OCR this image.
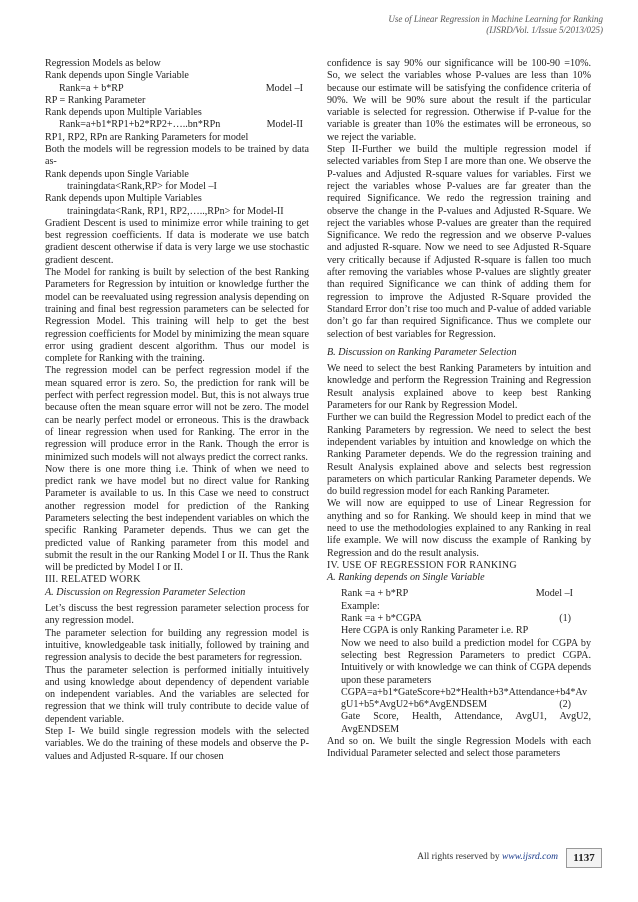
Use of Linear Regression in Machine Learning for Ranking
(IJSRD/Vol. 1/Issue 5/2013/025)

Regression Models as below

Rank depends upon Single Variable

Rank=a + b*RP	Model –I

RP = Ranking Parameter

Rank depends upon Multiple Variables

Rank=a+b1*RP1+b2*RP2+…..bn*RPn	Model-II

RP1, RP2, RPn are Ranking Parameters for model

Both the models will be regression models to be trained by data as-

Rank depends upon Single Variable

trainingdata<Rank,RP> for Model –I

Rank depends upon Multiple Variables

trainingdata<Rank, RP1, RP2,…..,RPn> for Model-II

Gradient Descent is used to minimize error while training to get best regression coefficients. If data is moderate we use batch gradient descent otherwise if data is very large we use stochastic gradient descent.

The Model for ranking is built by selection of the best Ranking Parameters for Regression by intuition or knowledge further the model can be reevaluated using regression analysis depending on training and final best regression parameters can be selected for Regression Model. This training will help to get the best regression coefficients for Model by minimizing the mean square error using gradient descent algorithm. Thus our model is complete for Ranking with the training.

The regression model can be perfect regression model if the mean squared error is zero. So, the prediction for rank will be perfect with perfect regression model. But, this is not always true because often the mean square error will not be zero. The model can be nearly perfect model or erroneous. This is the drawback of linear regression when used for Ranking. The error in the regression will produce error in the Rank. Though the error is minimized such models will not always predict the correct ranks.

Now there is one more thing i.e. Think of when we need to predict rank we have model but no direct value for Ranking Parameter is available to us. In this Case we need to construct another regression model for prediction of the Ranking Parameters selecting the best independent variables on which the specific Ranking Parameter depends. Thus we can get the predicted value of Ranking parameter from this model and submit the result in the our Ranking Model I or II. Thus the Rank will be predicted by Model I or II.

III. RELATED WORK

A. Discussion on Regression Parameter Selection

Let’s discuss the best regression parameter selection process for any regression model.

The parameter selection for building any regression model is intuitive, knowledgeable task initially, followed by training and regression analysis to decide the best parameters for regression.

Thus the parameter selection is performed initially intuitively and using knowledge about dependency of dependent variable on independent variables. And the variables are selected for regression that we think will truly contribute to decide value of dependent variable.

Step I- We build single regression models with the selected variables. We do the training of these models and observe the P-values and Adjusted R-square. If our chosen

confidence is say 90% our significance will be 100-90 =10%. So, we select the variables whose P-values are less than 10% because our estimate will be satisfying the confidence criteria of 90%. We will be 90% sure about the result if the particular variable is selected for regression. Otherwise if P-value for the variable is greater than 10% the estimates will be erroneous, so we reject the variable.

Step II-Further we build the multiple regression model if selected variables from Step I are more than one. We observe the P-values and Adjusted R-square values for variables. First we reject the variables whose P-values are far greater than the required Significance. We redo the regression training and observe the change in the P-values and Adjusted R-Square. We reject the variables whose P-values are greater than the required Significance. We redo the regression and we observe P-values and adjusted R-square. Now we need to see Adjusted R-Square very critically because if Adjusted R-square is fallen too much after removing the variables whose P-values are slightly greater than required Significance we can think of adding them for regression to improve the Adjusted R-Square provided the Standard Error don’t rise too much and P-value of added variable don’t go far than required Significance. Thus we complete our selection of best variables for Regression.

B. Discussion on Ranking Parameter Selection

We need to select the best Ranking Parameters by intuition and knowledge and perform the Regression Training and Regression Result analysis explained above to keep best Ranking Parameters for our Rank by Regression Model.

Further we can build the Regression Model to predict each of the Ranking Parameters by regression. We need to select the best independent variables by intuition and knowledge on which the Ranking Parameter depends. We do the regression training and Result Analysis explained above and selects best regression parameters on which particular Ranking Parameter depends. We do build regression model for each Ranking Parameter.

We will now are equipped to use of Linear Regression for anything and so for Ranking. We should keep in mind that we need to use the methodologies explained to any Ranking in real life example. We will now discuss the example of Ranking by Regression and do the result analysis.

IV. USE OF REGRESSION FOR RANKING

A. Ranking depends on Single Variable

Rank =a + b*RP	Model –I

Example:

Rank =a + b*CGPA	(1)

Here CGPA is only Ranking Parameter i.e. RP

Now we need to also build a prediction model for CGPA by selecting best Regression Parameters to predict CGPA. Intuitively or with knowledge we can think of CGPA depends upon these parameters

CGPA=a+b1*GateScore+b2*Health+b3*Attendance+b4*AvgU1+b5*AvgU2+b6*AvgENDSEM	(2)

Gate Score, Health, Attendance, AvgU1, AvgU2, AvgENDSEM

And so on. We built the single Regression Models with each Individual Parameter selected and select those parameters

All rights reserved by www.ijsrd.com	1137
